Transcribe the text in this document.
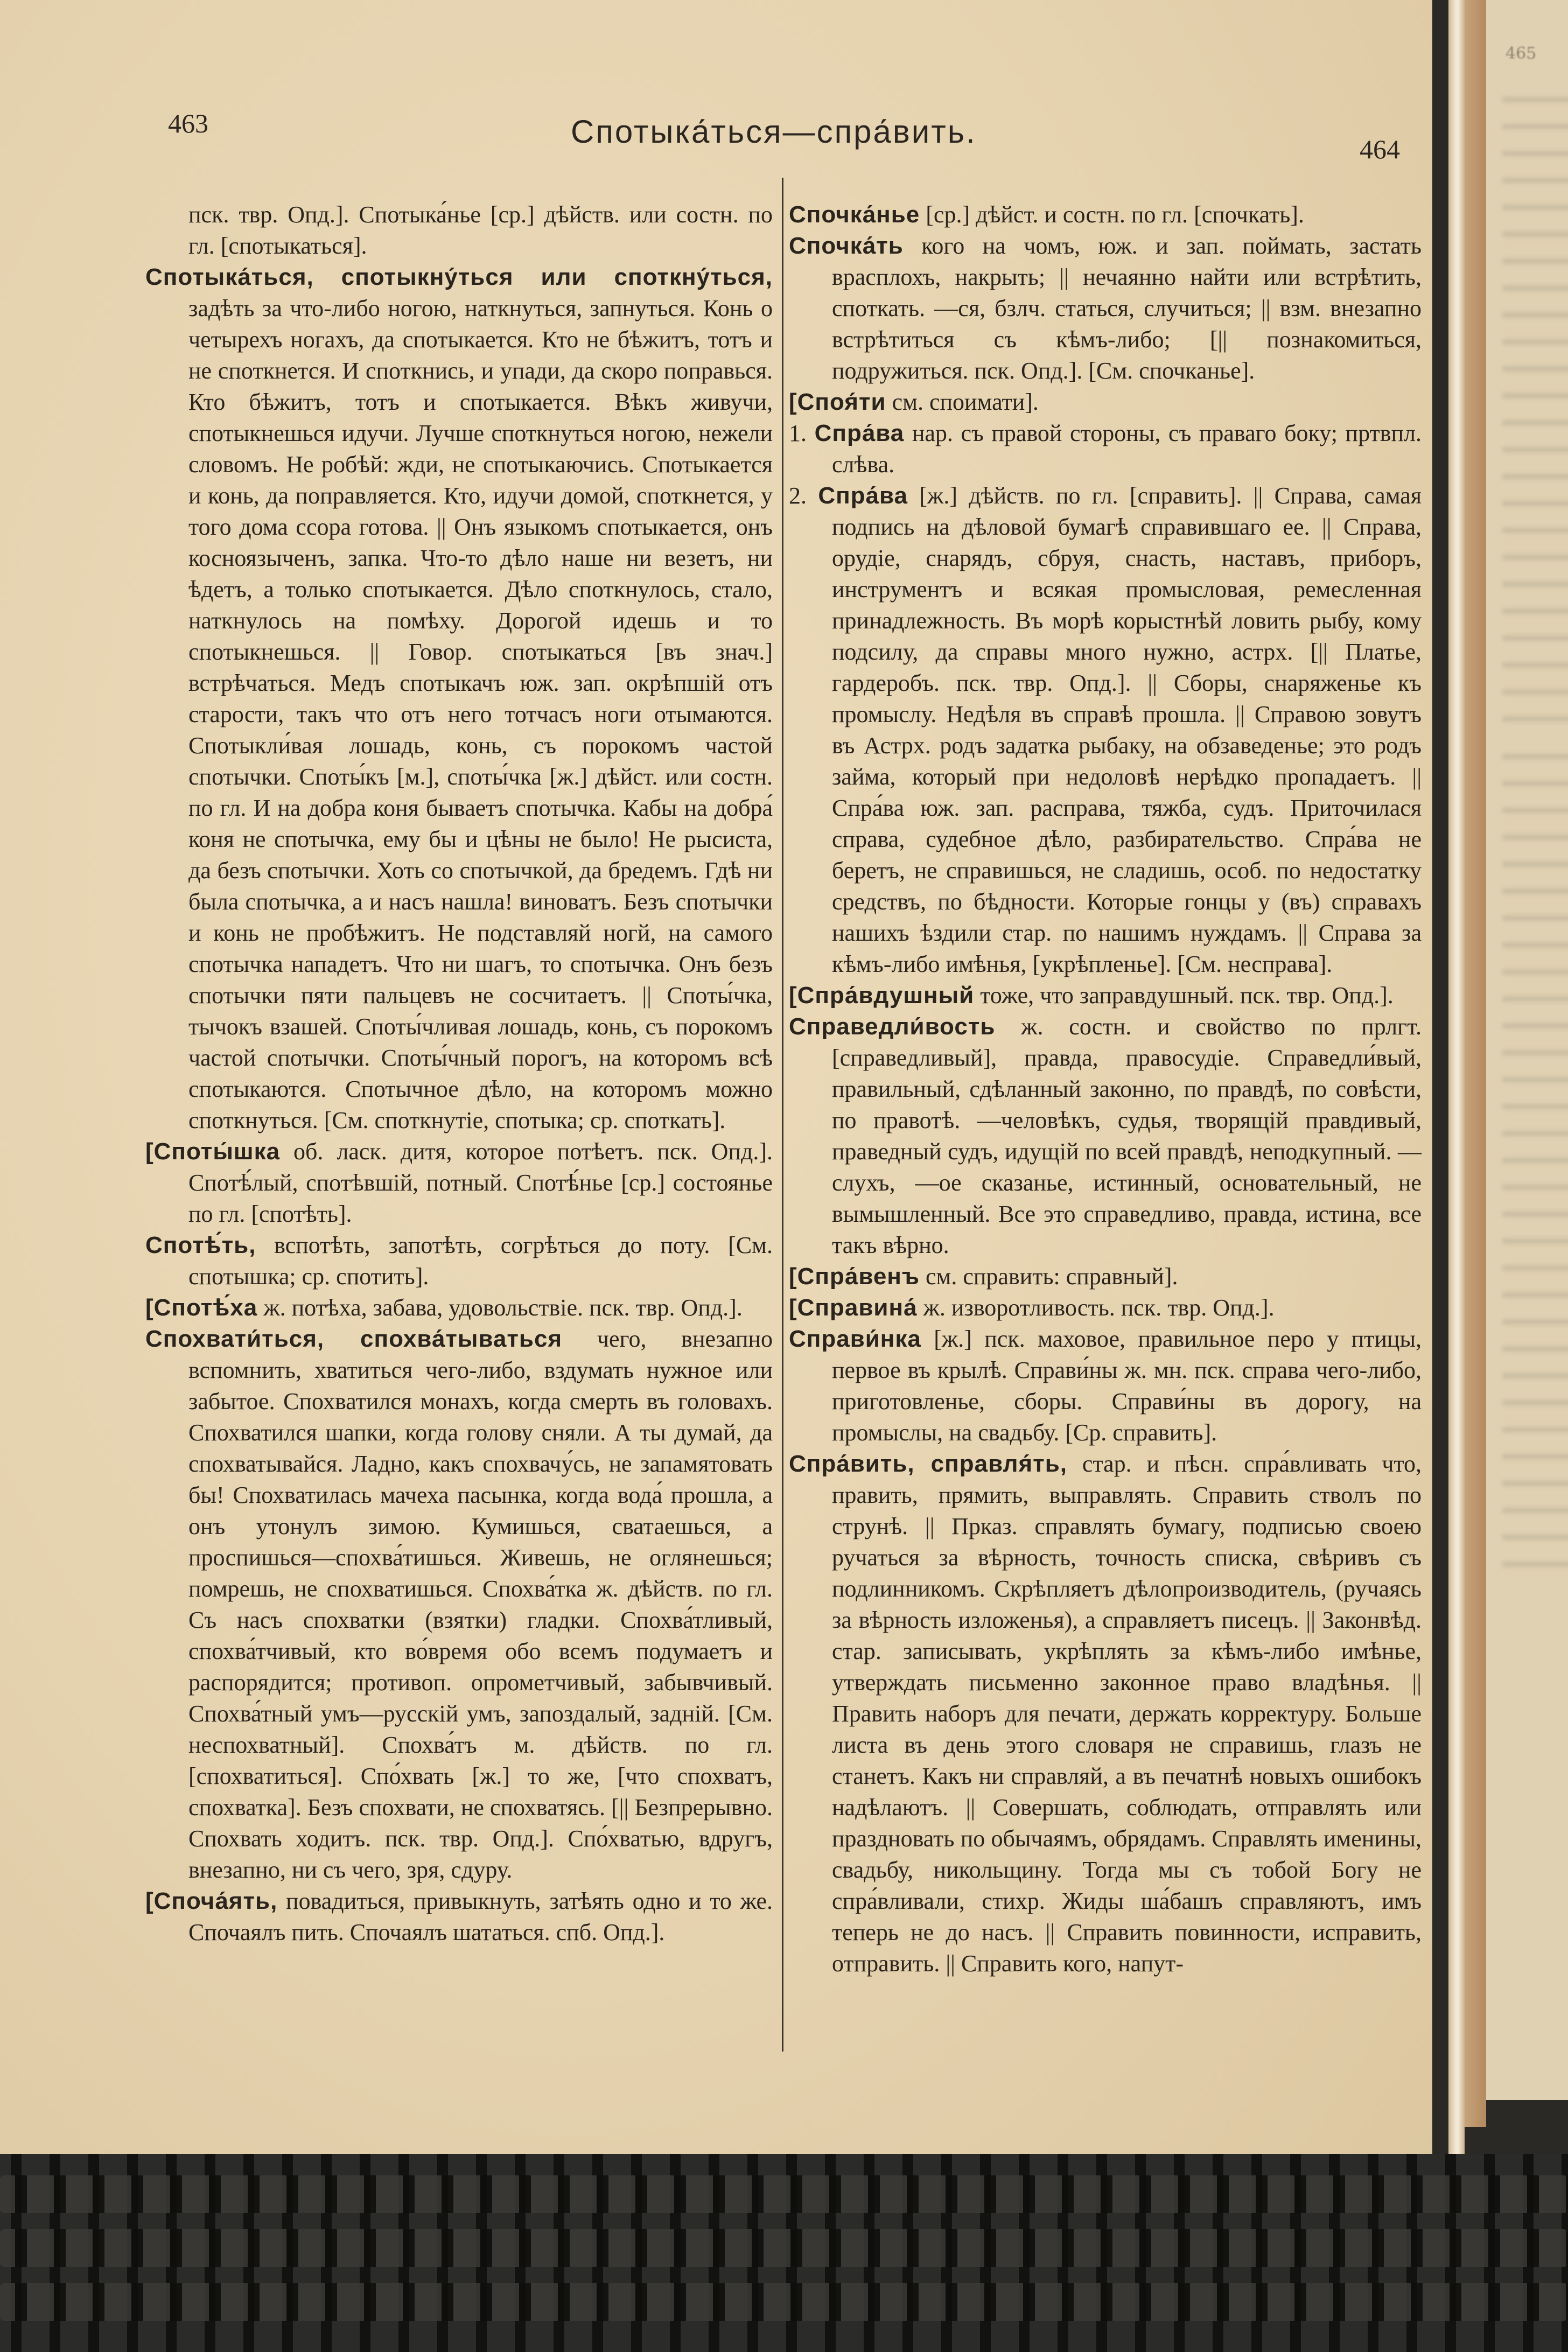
463	Спотыка́ться—спра́вить.	464

пск. твр. Опд.]. Спотыка́нье [ср.] дѣйств. или состн. по гл. [спотыкаться].

Спотыка́ться, спотыкну́ться или споткну́ться, задѣть за что-либо ногою, наткнуться, запнуться. Конь о четырехъ ногахъ, да спотыкается. Кто не бѣжитъ, тотъ и не споткнется. И споткнись, и упади, да скоро поправься. Кто бѣжитъ, тотъ и спотыкается. Вѣкъ живучи, спотыкнешься идучи. Лучше споткнуться ногою, нежели словомъ. Не робѣй: жди, не спотыкаючись. Спотыкается и конь, да поправляется. Кто, идучи домой, споткнется, у того дома ссора готова. || Онъ языкомъ спотыкается, онъ косноязыченъ, запка. Что-то дѣло наше ни везетъ, ни ѣдетъ, а только спотыкается. Дѣло споткнулось, стало, наткнулось на помѣху. Дорогой идешь и то спотыкнешься. || Говор. спотыкаться [въ знач.] встрѣчаться. Медъ спотыкачъ юж. зап. окрѣпшій отъ старости, такъ что отъ него тотчасъ ноги отымаются. Спотыкли́вая лошадь, конь, съ порокомъ частой спотычки. Споты́къ [м.], споты́чка [ж.] дѣйст. или состн. по гл. И на добра коня бываетъ спотычка. Кабы на добра́ коня не спотычка, ему бы и цѣны не было! Не рысиста, да безъ спотычки. Хоть со спотычкой, да бредемъ. Гдѣ ни была спотычка, а и насъ нашла! виноватъ. Безъ спотычки и конь не пробѣжитъ. Не подставляй ногй, на самого спотычка нападетъ. Что ни шагъ, то спотычка. Онъ безъ спотычки пяти пальцевъ не сосчитаетъ. || Споты́чка, тычокъ взашей. Споты́чливая лошадь, конь, съ порокомъ частой спотычки. Споты́чный порогъ, на которомъ всѣ спотыкаются. Спотычное дѣло, на которомъ можно споткнуться. [См. споткнутіе, спотыка; ср. споткать].

[Споты́шка об. ласк. дитя, которое потѣетъ. пск. Опд.]. Спотѣ́лый, спотѣвшій, потный. Спотѣ́нье [ср.] состоянье по гл. [спотѣть].

Спотѣ́ть, вспотѣть, запотѣть, согрѣться до поту. [См. спотышка; ср. спотить].

[Спотѣ́ха ж. потѣха, забава, удовольствіе. пск. твр. Опд.].

Спохвати́ться, спохва́тываться чего, внезапно вспомнить, хватиться чего-либо, вздумать нужное или забытое. Спохватился монахъ, когда смерть въ головахъ. Спохватился шапки, когда голову сняли. А ты думай, да спохватывайся. Ладно, какъ спохвачу́сь, не запамятовать бы! Спохватилась мачеха пасынка, когда вода́ прошла, а онъ утонулъ зимою. Кумишься, сватаешься, а проспишься—спохва́тишься. Живешь, не оглянешься; помрешь, не спохватишься. Спохва́тка ж. дѣйств. по гл. Съ насъ спохватки (взятки) гладки. Спохва́тливый, спохва́тчивый, кто во́время обо всемъ подумаетъ и распорядится; противоп. опрометчивый, забывчивый. Спохва́тный умъ—русскій умъ, запоздалый, задній. [См. неспохватный]. Спохва́тъ м. дѣйств. по гл. [спохватиться]. Спо́хвать [ж.] то же, [что спохватъ, спохватка]. Безъ спохвати, не спохватясь. [|| Безпрерывно. Спохвать ходитъ. пск. твр. Опд.]. Спо́хватью, вдругъ, внезапно, ни съ чего, зря, сдуру.

[Споча́ять, повадиться, привыкнуть, затѣять одно и то же. Спочаялъ пить. Спочаялъ шататься. спб. Опд.].

Спочка́нье [ср.] дѣйст. и состн. по гл. [спочкать].

Спочка́ть кого на чомъ, юж. и зап. поймать, застать врасплохъ, накрыть; || нечаянно найти или встрѣтить, споткать. —ся, бзлч. статься, случиться; || взм. внезапно встрѣтиться съ кѣмъ-либо; [|| познакомиться, подружиться. пск. Опд.]. [См. спочканье].

[Споя́ти см. споимати].

1. Спра́ва нар. съ правой стороны, съ праваго боку; пртвпл. слѣва.

2. Спра́ва [ж.] дѣйств. по гл. [справить]. || Справа, самая подпись на дѣловой бумагѣ справившаго ее. || Справа, орудіе, снарядъ, сбруя, снасть, наставъ, приборъ, инструментъ и всякая промысловая, ремесленная принадлежность. Въ морѣ корыстнѣй ловить рыбу, кому подсилу, да справы много нужно, астрх. [|| Платье, гардеробъ. пск. твр. Опд.]. || Сборы, снаряженье къ промыслу. Недѣля въ справѣ прошла. || Справою зовутъ въ Астрх. родъ задатка рыбаку, на обзаведенье; это родъ займа, который при недоловѣ нерѣдко пропадаетъ. || Спра́ва юж. зап. расправа, тяжба, судъ. Приточилася справа, судебное дѣло, разбирательство. Спра́ва не беретъ, не справишься, не сладишь, особ. по недостатку средствъ, по бѣдности. Которые гонцы у (въ) справахъ нашихъ ѣздили стар. по нашимъ нуждамъ. || Справа за кѣмъ-либо имѣнья, [укрѣпленье]. [См. несправа].

[Спра́вдушный тоже, что заправдушный. пск. твр. Опд.].

Справедли́вость ж. состн. и свойство по прлгт. [справедливый], правда, правосудіе. Справедли́вый, правильный, сдѣланный законно, по правдѣ, по совѣсти, по правотѣ. —человѣкъ, судья, творящій правдивый, праведный судъ, идущій по всей правдѣ, неподкупный. —слухъ, —ое сказанье, истинный, основательный, не вымышленный. Все это справедливо, правда, истина, все такъ вѣрно.

[Спра́венъ см. справить: справный].

[Справина́ ж. изворотливость. пск. твр. Опд.].

Справи́нка [ж.] пск. маховое, правильное перо у птицы, первое въ крылѣ. Справи́ны ж. мн. пск. справа чего-либо, приготовленье, сборы. Справи́ны въ дорогу, на промыслы, на свадьбу. [Ср. справить].

Спра́вить, справля́ть, стар. и пѣсн. спра́вливать что, править, прямить, выправлять. Справить стволъ по струнѣ. || Прказ. справлять бумагу, подписью своею ручаться за вѣрность, точность списка, свѣривъ съ подлинникомъ. Скрѣпляетъ дѣлопроизводитель, (ручаясь за вѣрность изложенья), а справляетъ писецъ. || Законвѣд. стар. записывать, укрѣплять за кѣмъ-либо имѣнье, утверждать письменно законное право владѣнья. || Править наборъ для печати, держать корректуру. Больше листа въ день этого словаря не справишь, глазъ не станетъ. Какъ ни справляй, а въ печатнѣ новыхъ ошибокъ надѣлаютъ. || Совершать, соблюдать, отправлять или праздновать по обычаямъ, обрядамъ. Справлять именины, свадьбу, никольщину. Тогда мы съ тобой Богу не спра́вливали, стихр. Жиды ша́башъ справляютъ, имъ теперь не до насъ. || Справить повинности, исправить, отправить. || Справить кого, напут-

465
